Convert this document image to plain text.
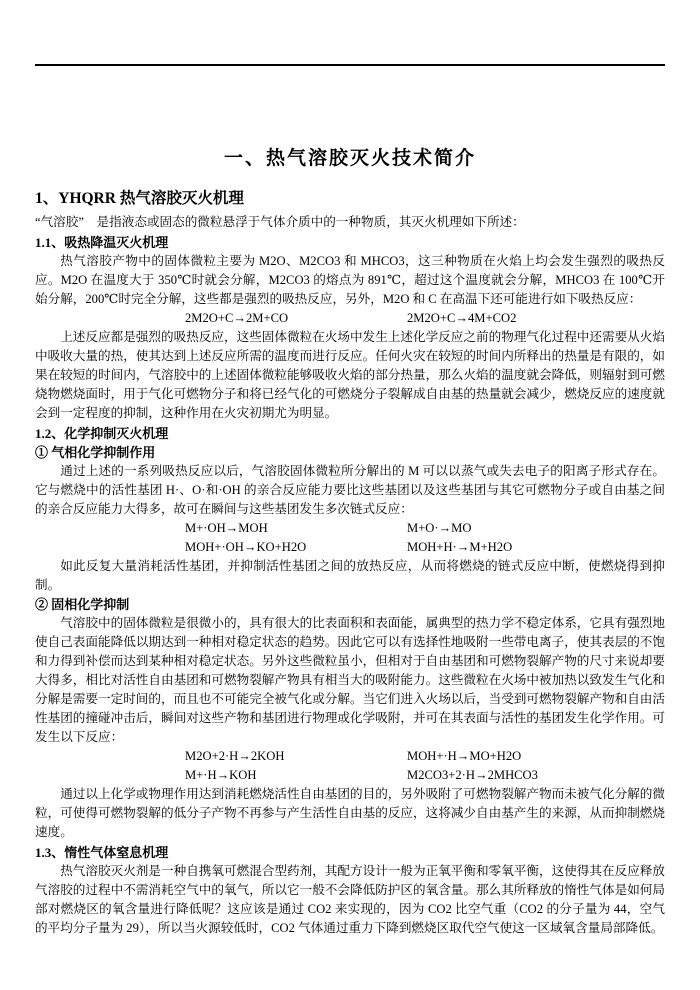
一、热气溶胶灭火技术简介
1、YHQRR 热气溶胶灭火机理

“气溶胶”　是指液态或固态的微粒悬浮于气体介质中的一种物质，其灭火机理如下所述：

1.1、吸热降温灭火机理

热气溶胶产物中的固体微粒主要为 M2O、M2CO3 和 MHCO3，这三种物质在火焰上均会发生强烈的吸热反应。M2O 在温度大于 350℃时就会分解，M2CO3 的熔点为 891℃，超过这个温度就会分解，MHCO3 在 100℃开始分解，200℃时完全分解，这些都是强烈的吸热反应，另外，M2O 和 C 在高温下还可能进行如下吸热反应：

2M2O+C→2M+CO	2M2O+C→4M+CO2

上述反应都是强烈的吸热反应，这些固体微粒在火场中发生上述化学反应之前的物理气化过程中还需要从火焰中吸收大量的热，使其达到上述反应所需的温度而进行反应。任何火灾在较短的时间内所释出的热量是有限的，如果在较短的时间内，气溶胶中的上述固体微粒能够吸收火焰的部分热量，那么火焰的温度就会降低，则辐射到可燃烧物燃烧面时，用于气化可燃物分子和将已经气化的可燃烧分子裂解成自由基的热量就会减少，燃烧反应的速度就会到一定程度的抑制，这种作用在火灾初期尤为明显。

1.2、化学抑制灭火机理
① 气相化学抑制作用

通过上述的一系列吸热反应以后，气溶胶固体微粒所分解出的 M 可以以蒸气或失去电子的阳离子形式存在。它与燃烧中的活性基团 H·、O·和·OH 的亲合反应能力要比这些基团以及这些基团与其它可燃物分子或自由基之间的亲合反应能力大得多，故可在瞬间与这些基团发生多次链式反应：

M+·OH→MOH	M+O·→MO
MOH+·OH→KO+H2O	MOH+H·→M+H2O

如此反复大量消耗活性基团，并抑制活性基团之间的放热反应，从而将燃烧的链式反应中断，使燃烧得到抑制。

② 固相化学抑制

气溶胶中的固体微粒是很微小的，具有很大的比表面积和表面能，属典型的热力学不稳定体系，它具有强烈地使自己表面能降低以期达到一种相对稳定状态的趋势。因此它可以有选择性地吸附一些带电离子，使其表层的不饱和力得到补偿而达到某种相对稳定状态。另外这些微粒虽小，但相对于自由基团和可燃物裂解产物的尺寸来说却要大得多，相比对活性自由基团和可燃物裂解产物具有相当大的吸附能力。这些微粒在火场中被加热以致发生气化和分解是需要一定时间的，而且也不可能完全被气化或分解。当它们进入火场以后，当受到可燃物裂解产物和自由活性基团的撞碰冲击后，瞬间对这些产物和基团进行物理或化学吸附，并可在其表面与活性的基团发生化学作用。可发生以下反应：

M2O+2·H→2KOH	MOH+·H→MO+H2O
M+·H→KOH	M2CO3+2·H→2MHCO3

通过以上化学或物理作用达到消耗燃烧活性自由基团的目的，另外吸附了可燃物裂解产物而未被气化分解的微粒，可使得可燃物裂解的低分子产物不再参与产生活性自由基的反应，这将减少自由基产生的来源，从而抑制燃烧速度。

1.3、惰性气体窒息机理

热气溶胶灭火剂是一种自携氧可燃混合型药剂，其配方设计一般为正氧平衡和零氧平衡，这使得其在反应释放气溶胶的过程中不需消耗空气中的氧气，所以它一般不会降低防护区的氧含量。那么其所释放的惰性气体是如何局部对燃烧区的氧含量进行降低呢？这应该是通过 CO2 来实现的，因为 CO2 比空气重（CO2 的分子量为 44，空气的平均分子量为 29），所以当火源较低时，CO2 气体通过重力下降到燃烧区取代空气使这一区域氧含量局部降低。
